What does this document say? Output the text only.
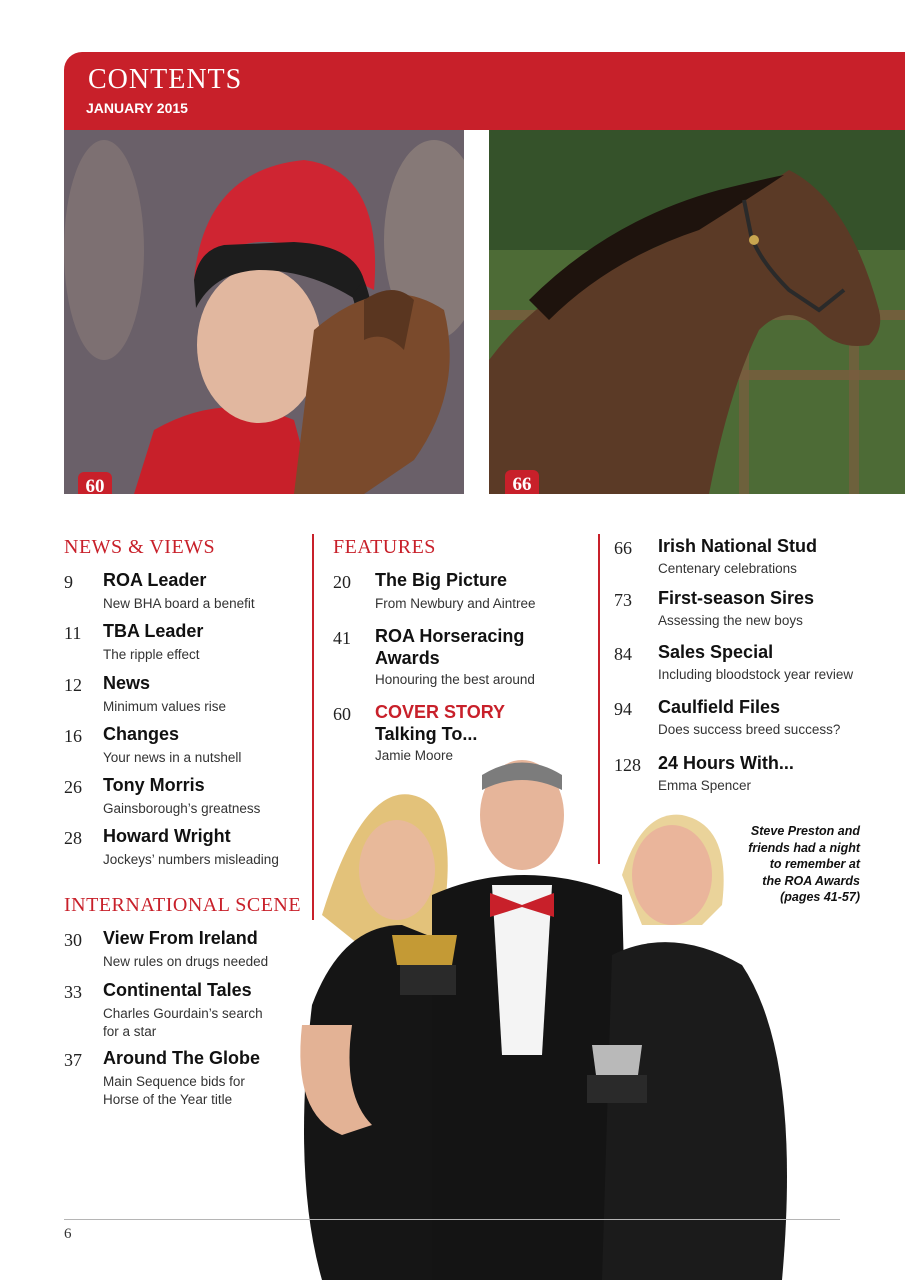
CONTENTS
JANUARY 2015
60	66
NEWS & VIEWS
9 ROA Leader
New BHA board a benefit
11 TBA Leader
The ripple effect
12 News
Minimum values rise
16 Changes
Your news in a nutshell
26 Tony Morris
Gainsborough’s greatness
28 Howard Wright
Jockeys’ numbers misleading
INTERNATIONAL SCENE
30 View From Ireland
New rules on drugs needed
33 Continental Tales
Charles Gourdain’s search
for a star
37 Around The Globe
Main Sequence bids for
Horse of the Year title
FEATURES
20 The Big Picture
From Newbury and Aintree
41 ROA Horseracing
Awards
Honouring the best around
60 COVER STORY
Talking To...
Jamie Moore
66 Irish National Stud
Centenary celebrations
73 First-season Sires
Assessing the new boys
84 Sales Special
Including bloodstock year review
94 Caulfield Files
Does success breed success?
128 24 Hours With...
Emma Spencer
Steve Preston and
friends had a night
to remember at
the ROA Awards
(pages 41-57)
6
